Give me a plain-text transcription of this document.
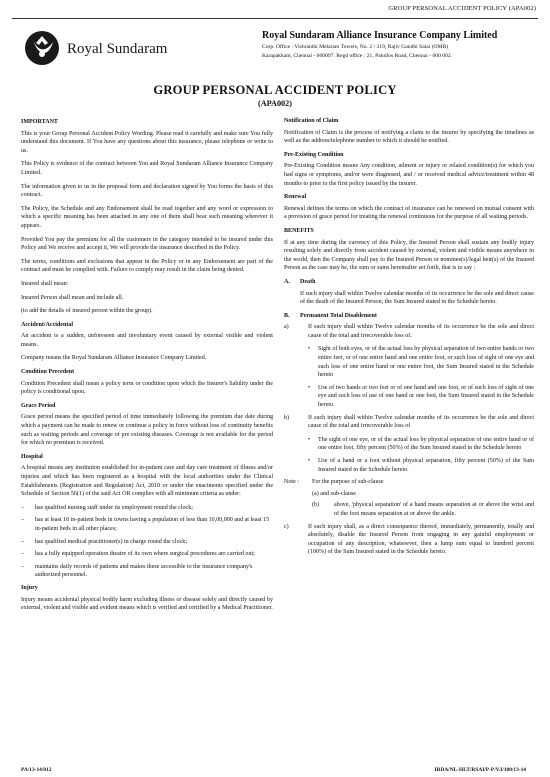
GROUP PERSONAL ACCIDENT POLICY (APA002)
Royal Sundaram
Royal Sundaram Alliance Insurance Company Limited
Corp. Office : Vishranthi Melaram Towers, No. 2 / 319, Rajiv Gandhi Salai (OMR)
Karapakkam, Chennai - 600097. Regd office : 21, Patullos Road, Chennai - 600 002.
GROUP PERSONAL ACCIDENT POLICY
(APA002)
IMPORTANT

This is your Group Personal Accident Policy Wording. Please read it carefully and make sure You fully understand this document. If You have any questions about this insurance, please telephone or write to us.

This Policy is evidence of the contract between You and Royal Sundaram Alliance Insurance Company Limited.

The information given to us in the proposal form and declaration signed by You forms the basis of this contract.

The Policy, the Schedule and any Endorsement shall be read together and any word or expression to which a specific meaning has been attached in any one of them shall bear such meaning wherever it appears.

Provided You pay the premium for all the customers in the category intended to be insured under this Policy and We receive and accept it, We will provide the insurance described in the Policy.

The terms, conditions and exclusions that appear in the Policy or in any Endorsement are part of the contract and must be complied with. Failure to comply may result in the claim being denied.

Insured shall mean:

Insured Person shall mean and include all.

(to add the details of insured person within the group).

Accident/Accidental

An accident is a sudden, unforeseen and involuntary event caused by external visible and violent means.

Company means the Royal Sundaram Alliance Insurance Company Limited.

Condition Precedent

Condition Precedent shall mean a policy term or condition upon which the Insurer's liability under the policy is conditional upon.

Grace Period

Grace period means the specified period of time immediately following the premium due date during which a payment can be made to renew or continue a policy in force without loss of continuity benefits such as waiting periods and coverage of pre existing diseases. Coverage is not available for the period for which no premium is received.

Hospital

A hospital means any institution established for in-patient care and day care treatment of illness and/or injuries and which has been registered as a hospital with the local authorities under the Clinical Establishments (Registration and Regulation) Act, 2010 or under the enactments specified under the Schedule of Section 56(1) of the said Act OR complies with all minimum criteria as under:

– has qualified nursing staff under its employment round the clock;
– has at least 10 in-patient beds in towns having a population of less than 10,00,000 and at least 15 in-patient beds in all other places;
– has qualified medical practitioner(s) in charge round the clock;
– has a fully equipped operation theatre of its own where surgical procedures are carried out;
– maintains daily records of patients and makes these accessible to the insurance company's authorized personnel.
Injury

Injury means accidental physical bodily harm excluding illness or disease solely and directly caused by external, violent and visible and evident means which is verified and certified by a Medical Practitioner.

Notification of Claim

Notification of Claim is the process of notifying a claim to the insurer by specifying the timelines as well as the address/telephone number to which it should be notified.

Pre-Existing Condition

Pre-Existing Condition means Any condition, ailment or injury or related condition(s) for which you had signs or symptoms, and/or were diagnosed, and / or received medical advice/treatment within 48 months to prior to the first policy issued by the insurer.

Renewal

Renewal defines the terms on which the contract of insurance can be renewed on mutual consent with a provision of grace period for treating the renewal continuous for the purpose of all waiting periods.

BENEFITS

If at any time during the currency of this Policy, the Insured Person shall sustain any bodily injury resulting solely and directly from accident caused by external, violent and visible means anywhere in the world, then the Company shall pay to the Insured Person or nominee(s)/legal heir(s) of the Insured Person as the case may be, the sum or sums hereinafter set forth, that is to say :

A.	Death

If such injury shall within Twelve calendar months of its occurrence be the sole and direct cause of the death of the Insured Person, the Sum Insured stated in the Schedule hereto.

B.	Permanent Total Disablement
a)	If such injury shall within Twelve calendar months of its occurrence be the sole and direct cause of the total and irrecoverable loss of.
• Sight of both eyes, or of the actual loss by physical separation of two entire hands or two entire feet, or of one entire hand and one entire foot, or such loss of sight of one eye and such loss of one entire hand or one entire foot, the Sum Insured stated in the Schedule hereto
• Use of two hands or two feet or of one hand and one foot, or of such loss of sight of one eye and such loss of use of one hand or one foot, the Sum Insured stated in the Schedule hereto.
b)	If such injury shall within Twelve calendar months of its occurrence be the sole and direct cause of the total and irrecoverable loss of
• The sight of one eye, or of the actual loss by physical separation of one entire hand or of one entire foot, fifty percent (50%) of the Sum Insured stated in the Schedule hereto
• Use of a hand or a foot without physical separation, fifty percent (50%) of the Sum Insured stated in the Schedule hereto.
Note :	For the purpose of sub-clause
(a) and sub-clause
(b)	above, 'physical separation' of a hand means separation at or above the wrist and of the foot means separation at or above the ankle.
c)	If such injury shall, as a direct consequence thereof, immediately, permanently, totally and absolutely, disable the Insured Person from engaging in any gainful employment or occupation of any description, whatsoever, then a lump sum equal to hundred percent (100%) of the Sum Insured stated in the Schedule hereto.
PA/13-14/012	IRDA/NL-HLT/RSAI/P-P/V.I/180/13-14
